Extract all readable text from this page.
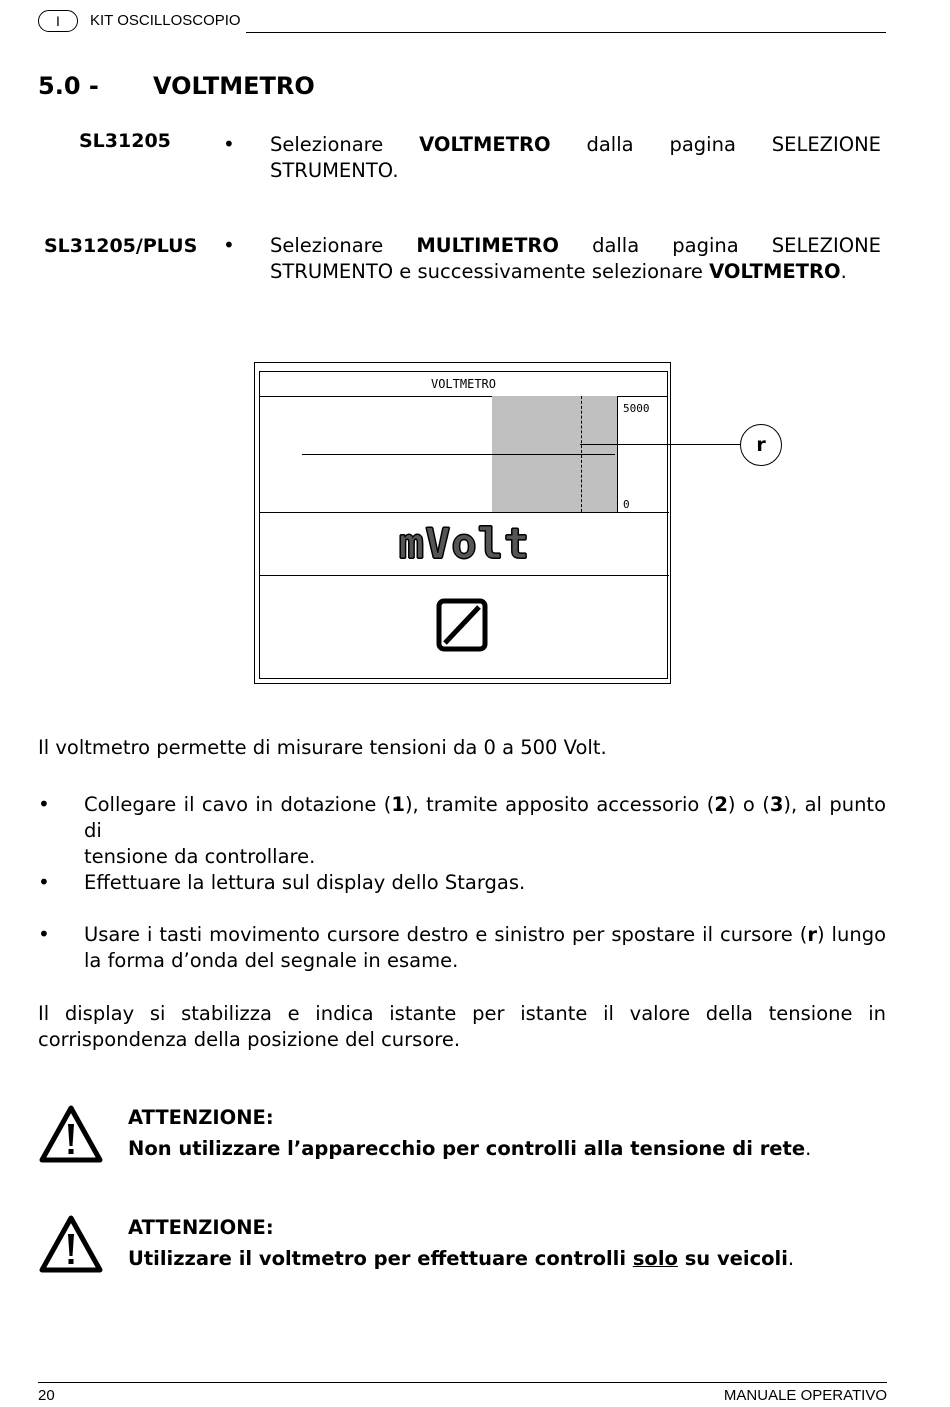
I	KIT OSCILLOSCOPIO
5.0 - VOLTMETRO
SL31205	• Selezionare VOLTMETRO dalla pagina SELEZIONE
STRUMENTO.
SL31205/PLUS • Selezionare MULTIMETRO dalla pagina SELEZIONE
STRUMENTO e successivamente selezionare VOLTMETRO.
VOLTMETRO
5000
0
mVolt
r
Il voltmetro permette di misurare tensioni da 0 a 500 Volt.
• Collegare il cavo in dotazione (1), tramite apposito accessorio (2) o (3), al punto di
tensione da controllare.
• Effettuare la lettura sul display dello Stargas.
• Usare i tasti movimento cursore destro e sinistro per spostare il cursore (r) lungo
la forma d’onda del segnale in esame.
Il display si stabilizza e indica istante per istante il valore della tensione in
corrispondenza della posizione del cursore.
ATTENZIONE:
Non utilizzare l’apparecchio per controlli alla tensione di rete.
ATTENZIONE:
Utilizzare il voltmetro per effettuare controlli solo su veicoli.
20	MANUALE OPERATIVO
